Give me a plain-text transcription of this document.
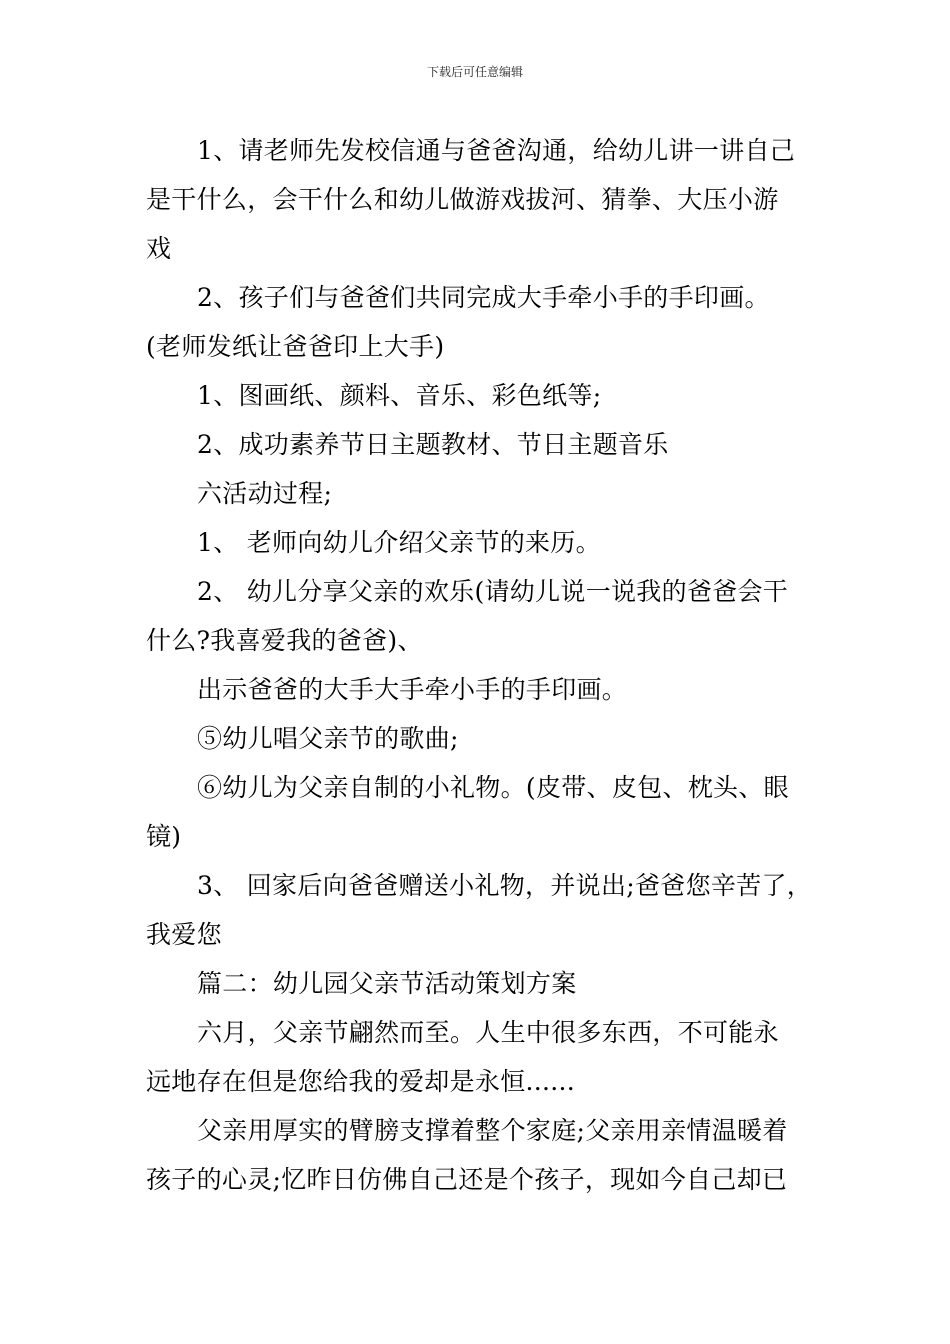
下载后可任意编辑

1、请老师先发校信通与爸爸沟通，给幼儿讲一讲自己

是干什么，会干什么和幼儿做游戏拔河、猜拳、大压小游

戏

2、孩子们与爸爸们共同完成大手牵小手的手印画。

(老师发纸让爸爸印上大手)

1、图画纸、颜料、音乐、彩色纸等;

2、成功素养节日主题教材、节日主题音乐

六活动过程;

1、 老师向幼儿介绍父亲节的来历。

2、 幼儿分享父亲的欢乐(请幼儿说一说我的爸爸会干

什么?我喜爱我的爸爸)、

出示爸爸的大手大手牵小手的手印画。

⑤幼儿唱父亲节的歌曲;

⑥幼儿为父亲自制的小礼物。(皮带、皮包、枕头、眼

镜)

3、 回家后向爸爸赠送小礼物，并说出;爸爸您辛苦了，

我爱您

篇二：幼儿园父亲节活动策划方案

六月，父亲节翩然而至。人生中很多东西，不可能永

远地存在但是您给我的爱却是永恒......

父亲用厚实的臂膀支撑着整个家庭;父亲用亲情温暖着

孩子的心灵;忆昨日仿佛自己还是个孩子，现如今自己却已
